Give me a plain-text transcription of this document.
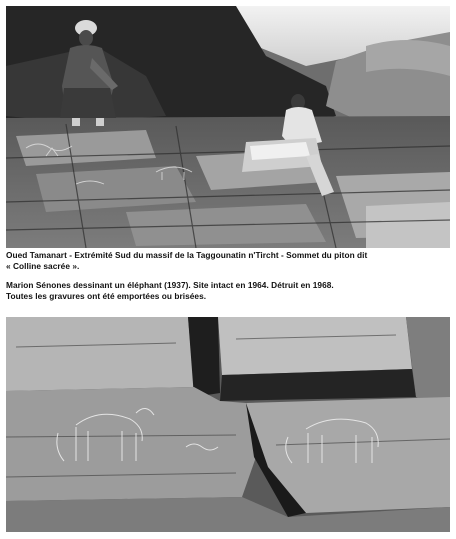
Oued Tamanart - Extrémité Sud du massif de la Taggounatin n'Tircht - Sommet du piton dit
« Colline sacrée ».

Marion Sénones dessinant un éléphant (1937). Site intact en 1964. Détruit en 1968.
Toutes les gravures ont été emportées ou brisées.
